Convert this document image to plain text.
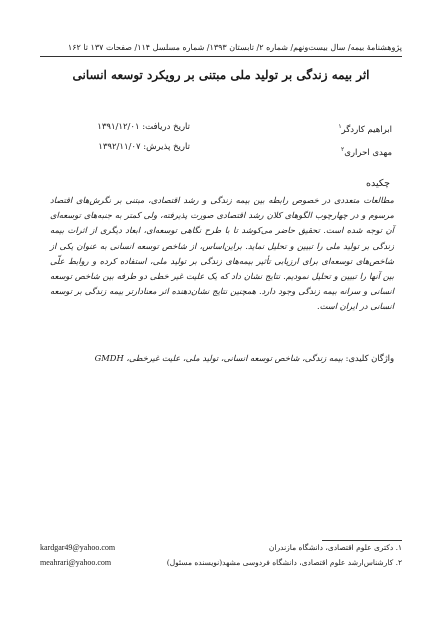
پژوهشنامۀ بیمه/ سال بیست‌ونهم/ شماره ۲/ تابستان ۱۳۹۳/ شماره مسلسل ۱۱۴/ صفحات ۱۳۷ تا ۱۶۲
اثر بیمه زندگی بر تولید ملی مبتنی بر رویکرد توسعه انسانی
ابراهیم کاردگر$^۱$
مهدی احراری$^۲$
تاریخ دریافت: ۱۳۹۱/۱۲/۰۱
تاریخ پذیرش: ۱۳۹۲/۱۱/۰۷
چکیده
مطالعات متعددی در خصوص رابطه بین بیمه زندگی و رشد اقتصادی، مبتنی بر نگرش‌های اقتصاد مرسوم و در چهارچوب الگوهای کلان رشد اقتصادی صورت پذیرفته، ولی کمتر به جنبه‌های توسعه‌ای آن توجه شده است. تحقیق حاضر می‌کوشد تا با طرح نگاهی توسعه‌ای، ابعاد دیگری از اثرات بیمه زندگی بر تولید ملی را تبیین و تحلیل نماید. براین‌اساس، از شاخص توسعه انسانی به عنوان یکی از شاخص‌های توسعه‌ای برای ارزیابی تأثیر بیمه‌های زندگی بر تولید ملی، استفاده کرده و روابط علّی بین آنها را تبیین و تحلیل نمودیم. نتایج نشان داد که یک علیت غیر خطی دو طرفه بین شاخص توسعه انسانی و سرانه بیمه زندگی وجود دارد. همچنین نتایج نشان‌دهنده اثر معنادارتر بیمه زندگی بر توسعه انسانی در ایران است.
واژگان کلیدی: بیمه زندگی، شاخص توسعه انسانی، تولید ملی، علیت غیرخطی، GMDH
۱. دکتری علوم اقتصادی، دانشگاه مازندران
kardgar49@yahoo.com
۲. کارشناس‌ارشد علوم اقتصادی، دانشگاه فردوسی مشهد(نویسنده مسئول)
meahrari@yahoo.com
